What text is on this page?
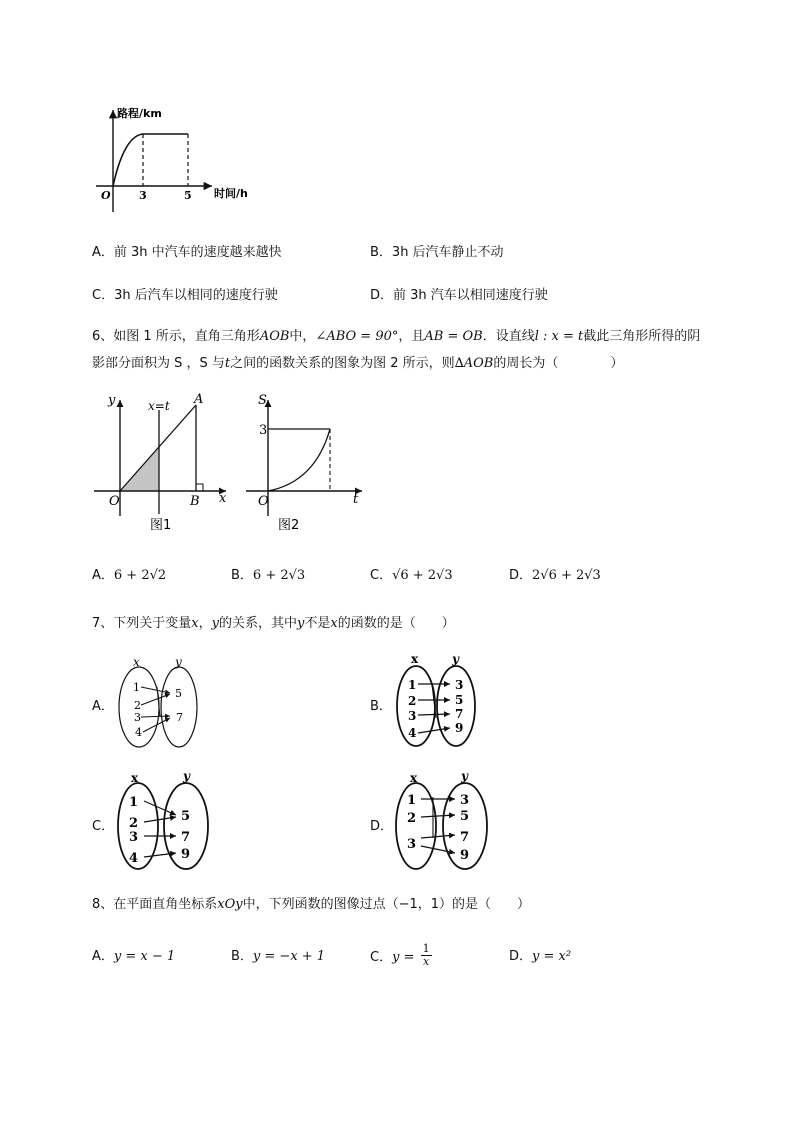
路程/km
时间/h
O	3	5
A．前 3h 中汽车的速度越来越快	B．3h 后汽车静止不动
C．3h 后汽车以相同的速度行驶	D．前 3h 汽车以相同速度行驶
6、如图 1 所示，直角三角形AOB中，∠ABO = 90°，且AB = OB．设直线l : x = t截此三角形所得的阴
影部分面积为 S ，S 与t之间的函数关系的图象为图 2 所示，则∆AOB的周长为（　　　　）
y	x=t A
O	B x
图1
S
3
O	t
图2
A．6 + 2√2	B．6 + 2√3	C．√6 + 2√3	D．2√6 + 2√3
7、下列关于变量x，y的关系，其中y不是x的函数的是（　　）
A．	B．
C．	D．
x	y
1
2
3
4
5
7
x	y
1
2
3
4
3
5
7
9
x	y
1
2
3
4
5
7
9
x	y
1
2
3
3
5
7
9
8、在平面直角坐标系xOy中，下列函数的图像过点（−1，1）的是（　　）
A．y = x − 1	B．y = −x + 1	C．$y = \frac{1}{x}$	D．y = x²
